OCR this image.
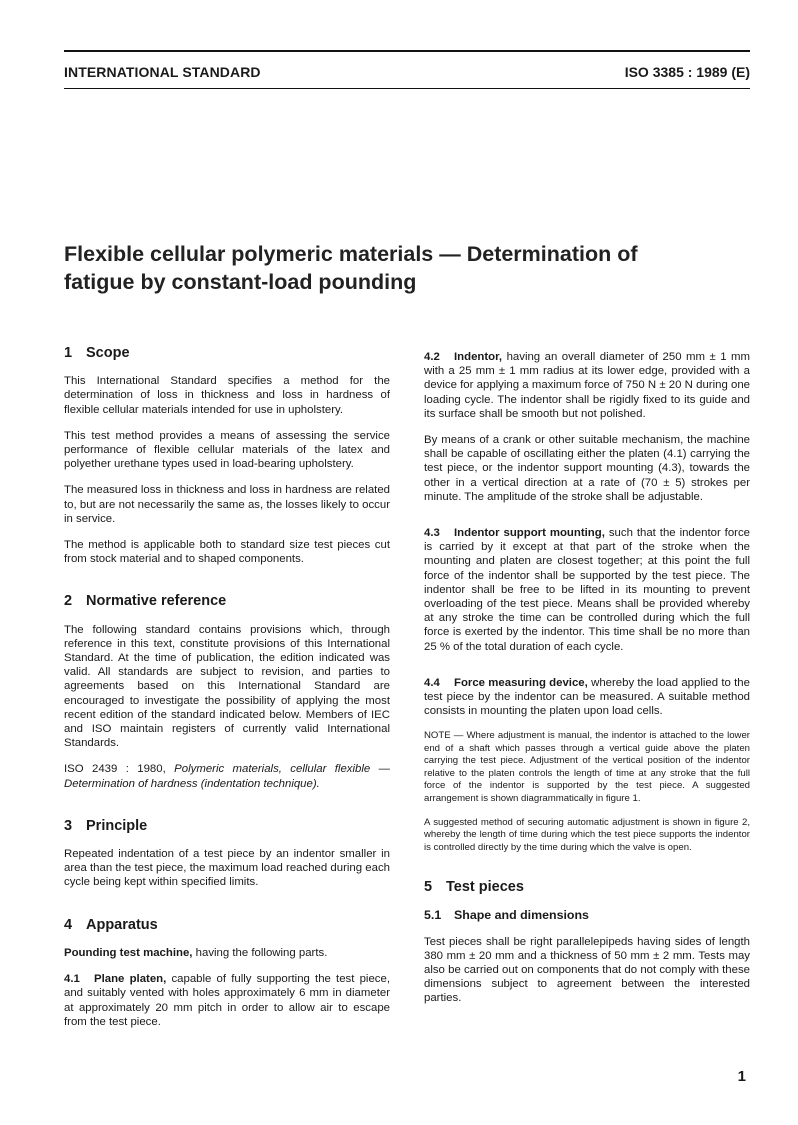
INTERNATIONAL STANDARD	ISO 3385 : 1989 (E)
Flexible cellular polymeric materials — Determination of
fatigue by constant-load pounding
1 Scope

This International Standard specifies a method for the determination of loss in thickness and loss in hardness of flexible cellular materials intended for use in upholstery.

This test method provides a means of assessing the service performance of flexible cellular materials of the latex and polyether urethane types used in load-bearing upholstery.

The measured loss in thickness and loss in hardness are related to, but are not necessarily the same as, the losses likely to occur in service.

The method is applicable both to standard size test pieces cut from stock material and to shaped components.

2 Normative reference

The following standard contains provisions which, through reference in this text, constitute provisions of this International Standard. At the time of publication, the edition indicated was valid. All standards are subject to revision, and parties to agreements based on this International Standard are encouraged to investigate the possibility of applying the most recent edition of the standard indicated below. Members of IEC and ISO maintain registers of currently valid International Standards.

ISO 2439 : 1980, Polymeric materials, cellular flexible — Determination of hardness (indentation technique).

3 Principle

Repeated indentation of a test piece by an indentor smaller in area than the test piece, the maximum load reached during each cycle being kept within specified limits.

4 Apparatus

Pounding test machine, having the following parts.

4.1 Plane platen, capable of fully supporting the test piece, and suitably vented with holes approximately 6 mm in diameter at approximately 20 mm pitch in order to allow air to escape from the test piece.

4.2 Indentor, having an overall diameter of 250 mm ± 1 mm with a 25 mm ± 1 mm radius at its lower edge, provided with a device for applying a maximum force of 750 N ± 20 N during one loading cycle. The indentor shall be rigidly fixed to its guide and its surface shall be smooth but not polished.

By means of a crank or other suitable mechanism, the machine shall be capable of oscillating either the platen (4.1) carrying the test piece, or the indentor support mounting (4.3), towards the other in a vertical direction at a rate of (70 ± 5) strokes per minute. The amplitude of the stroke shall be adjustable.

4.3 Indentor support mounting, such that the indentor force is carried by it except at that part of the stroke when the mounting and platen are closest together; at this point the full force of the indentor shall be supported by the test piece. The indentor shall be free to be lifted in its mounting to prevent overloading of the test piece. Means shall be provided whereby at any stroke the time can be controlled during which the full force is exerted by the indentor. This time shall be no more than 25 % of the total duration of each cycle.

4.4 Force measuring device, whereby the load applied to the test piece by the indentor can be measured. A suitable method consists in mounting the platen upon load cells.

NOTE — Where adjustment is manual, the indentor is attached to the lower end of a shaft which passes through a vertical guide above the platen carrying the test piece. Adjustment of the vertical position of the indentor relative to the platen controls the length of time at any stroke that the full force of the indentor is supported by the test piece. A suggested arrangement is shown diagrammatically in figure 1.

A suggested method of securing automatic adjustment is shown in figure 2, whereby the length of time during which the test piece supports the indentor is controlled directly by the time during which the valve is open.

5 Test pieces
5.1 Shape and dimensions

Test pieces shall be right parallelepipeds having sides of length 380 mm ± 20 mm and a thickness of 50 mm ± 2 mm. Tests may also be carried out on components that do not comply with these dimensions subject to agreement between the interested parties.

1
